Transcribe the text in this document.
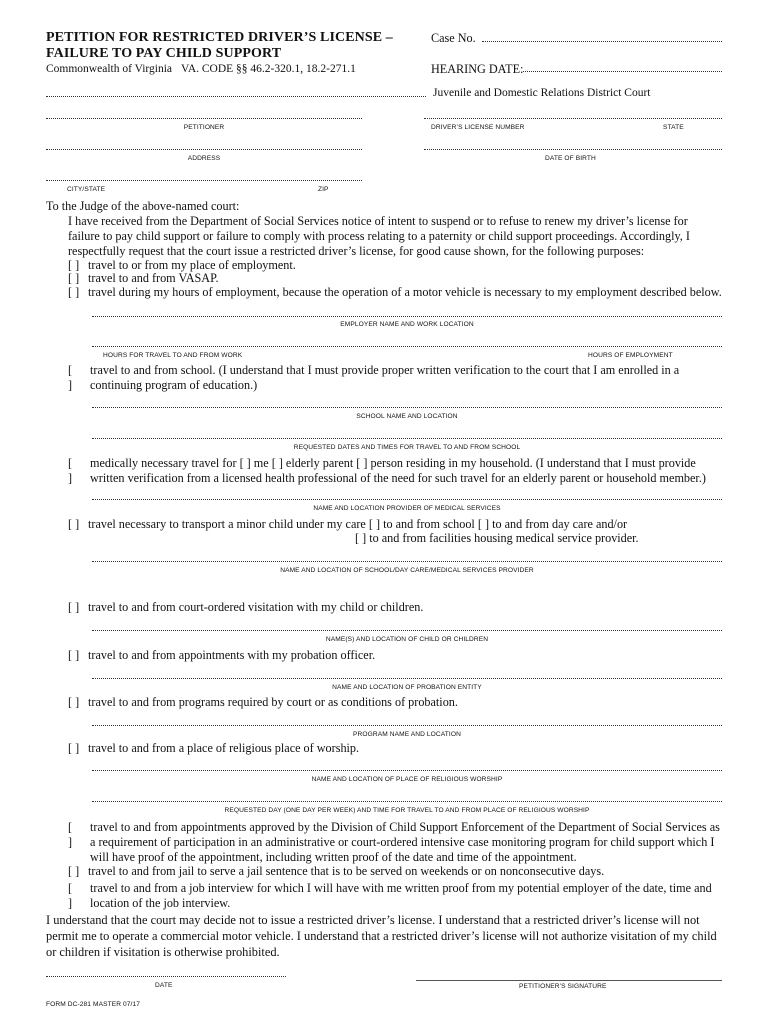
PETITION FOR RESTRICTED DRIVER’S LICENSE –
FAILURE TO PAY CHILD SUPPORT
Commonwealth of Virginia VA. CODE §§ 46.2-320.1, 18.2-271.1
Case No.
HEARING DATE:
Juvenile and Domestic Relations District Court
PETITIONER	DRIVER’S LICENSE NUMBER	STATE
ADDRESS	DATE OF BIRTH
CITY/STATE	ZIP
To the Judge of the above-named court:
I have received from the Department of Social Services notice of intent to suspend or to refuse to renew my driver’s license for failure to pay child support or failure to comply with process relating to a paternity or child support proceedings. Accordingly, I respectfully request that the court issue a restricted driver’s license, for good cause shown, for the following purposes:
[ ] travel to or from my place of employment.
[ ] travel to and from VASAP.
[ ] travel during my hours of employment, because the operation of a motor vehicle is necessary to my employment described below.
EMPLOYER NAME AND WORK LOCATION
HOURS FOR TRAVEL TO AND FROM WORK	HOURS OF EMPLOYMENT
[ ]
travel to and from school. (I understand that I must provide proper written verification to the court that I am enrolled in a continuing program of education.)
SCHOOL NAME AND LOCATION
REQUESTED DATES AND TIMES FOR TRAVEL TO AND FROM SCHOOL
[ ]
medically necessary travel for [ ] me [ ] elderly parent [ ] person residing in my household. (I understand that I must provide written verification from a licensed health professional of the need for such travel for an elderly parent or household member.)
NAME AND LOCATION PROVIDER OF MEDICAL SERVICES
[ ] travel necessary to transport a minor child under my care [ ] to and from school [ ] to and from day care and/or
[ ] to and from facilities housing medical service provider.
NAME AND LOCATION OF SCHOOL/DAY CARE/MEDICAL SERVICES PROVIDER
[ ] travel to and from court-ordered visitation with my child or children.
NAME(S) AND LOCATION OF CHILD OR CHILDREN
[ ] travel to and from appointments with my probation officer.
NAME AND LOCATION OF PROBATION ENTITY
[ ] travel to and from programs required by court or as conditions of probation.
PROGRAM NAME AND LOCATION
[ ] travel to and from a place of religious place of worship.
NAME AND LOCATION OF PLACE OF RELIGIOUS WORSHIP
REQUESTED DAY (ONE DAY PER WEEK) AND TIME FOR TRAVEL TO AND FROM PLACE OF RELIGIOUS WORSHIP
[ ]
travel to and from appointments approved by the Division of Child Support Enforcement of the Department of Social Services as a requirement of participation in an administrative or court-ordered intensive case monitoring program for child support which I will have proof of the appointment, including written proof of the date and time of the appointment.
[ ] travel to and from jail to serve a jail sentence that is to be served on weekends or on nonconsecutive days.
[ ]
travel to and from a job interview for which I will have with me written proof from my potential employer of the date, time and location of the job interview.
I understand that the court may decide not to issue a restricted driver’s license. I understand that a restricted driver’s license will not permit me to operate a commercial motor vehicle. I understand that a restricted driver’s license will not authorize visitation of my child or children if visitation is otherwise prohibited.
DATE	PETITIONER’S SIGNATURE
FORM DC-281 MASTER 07/17
